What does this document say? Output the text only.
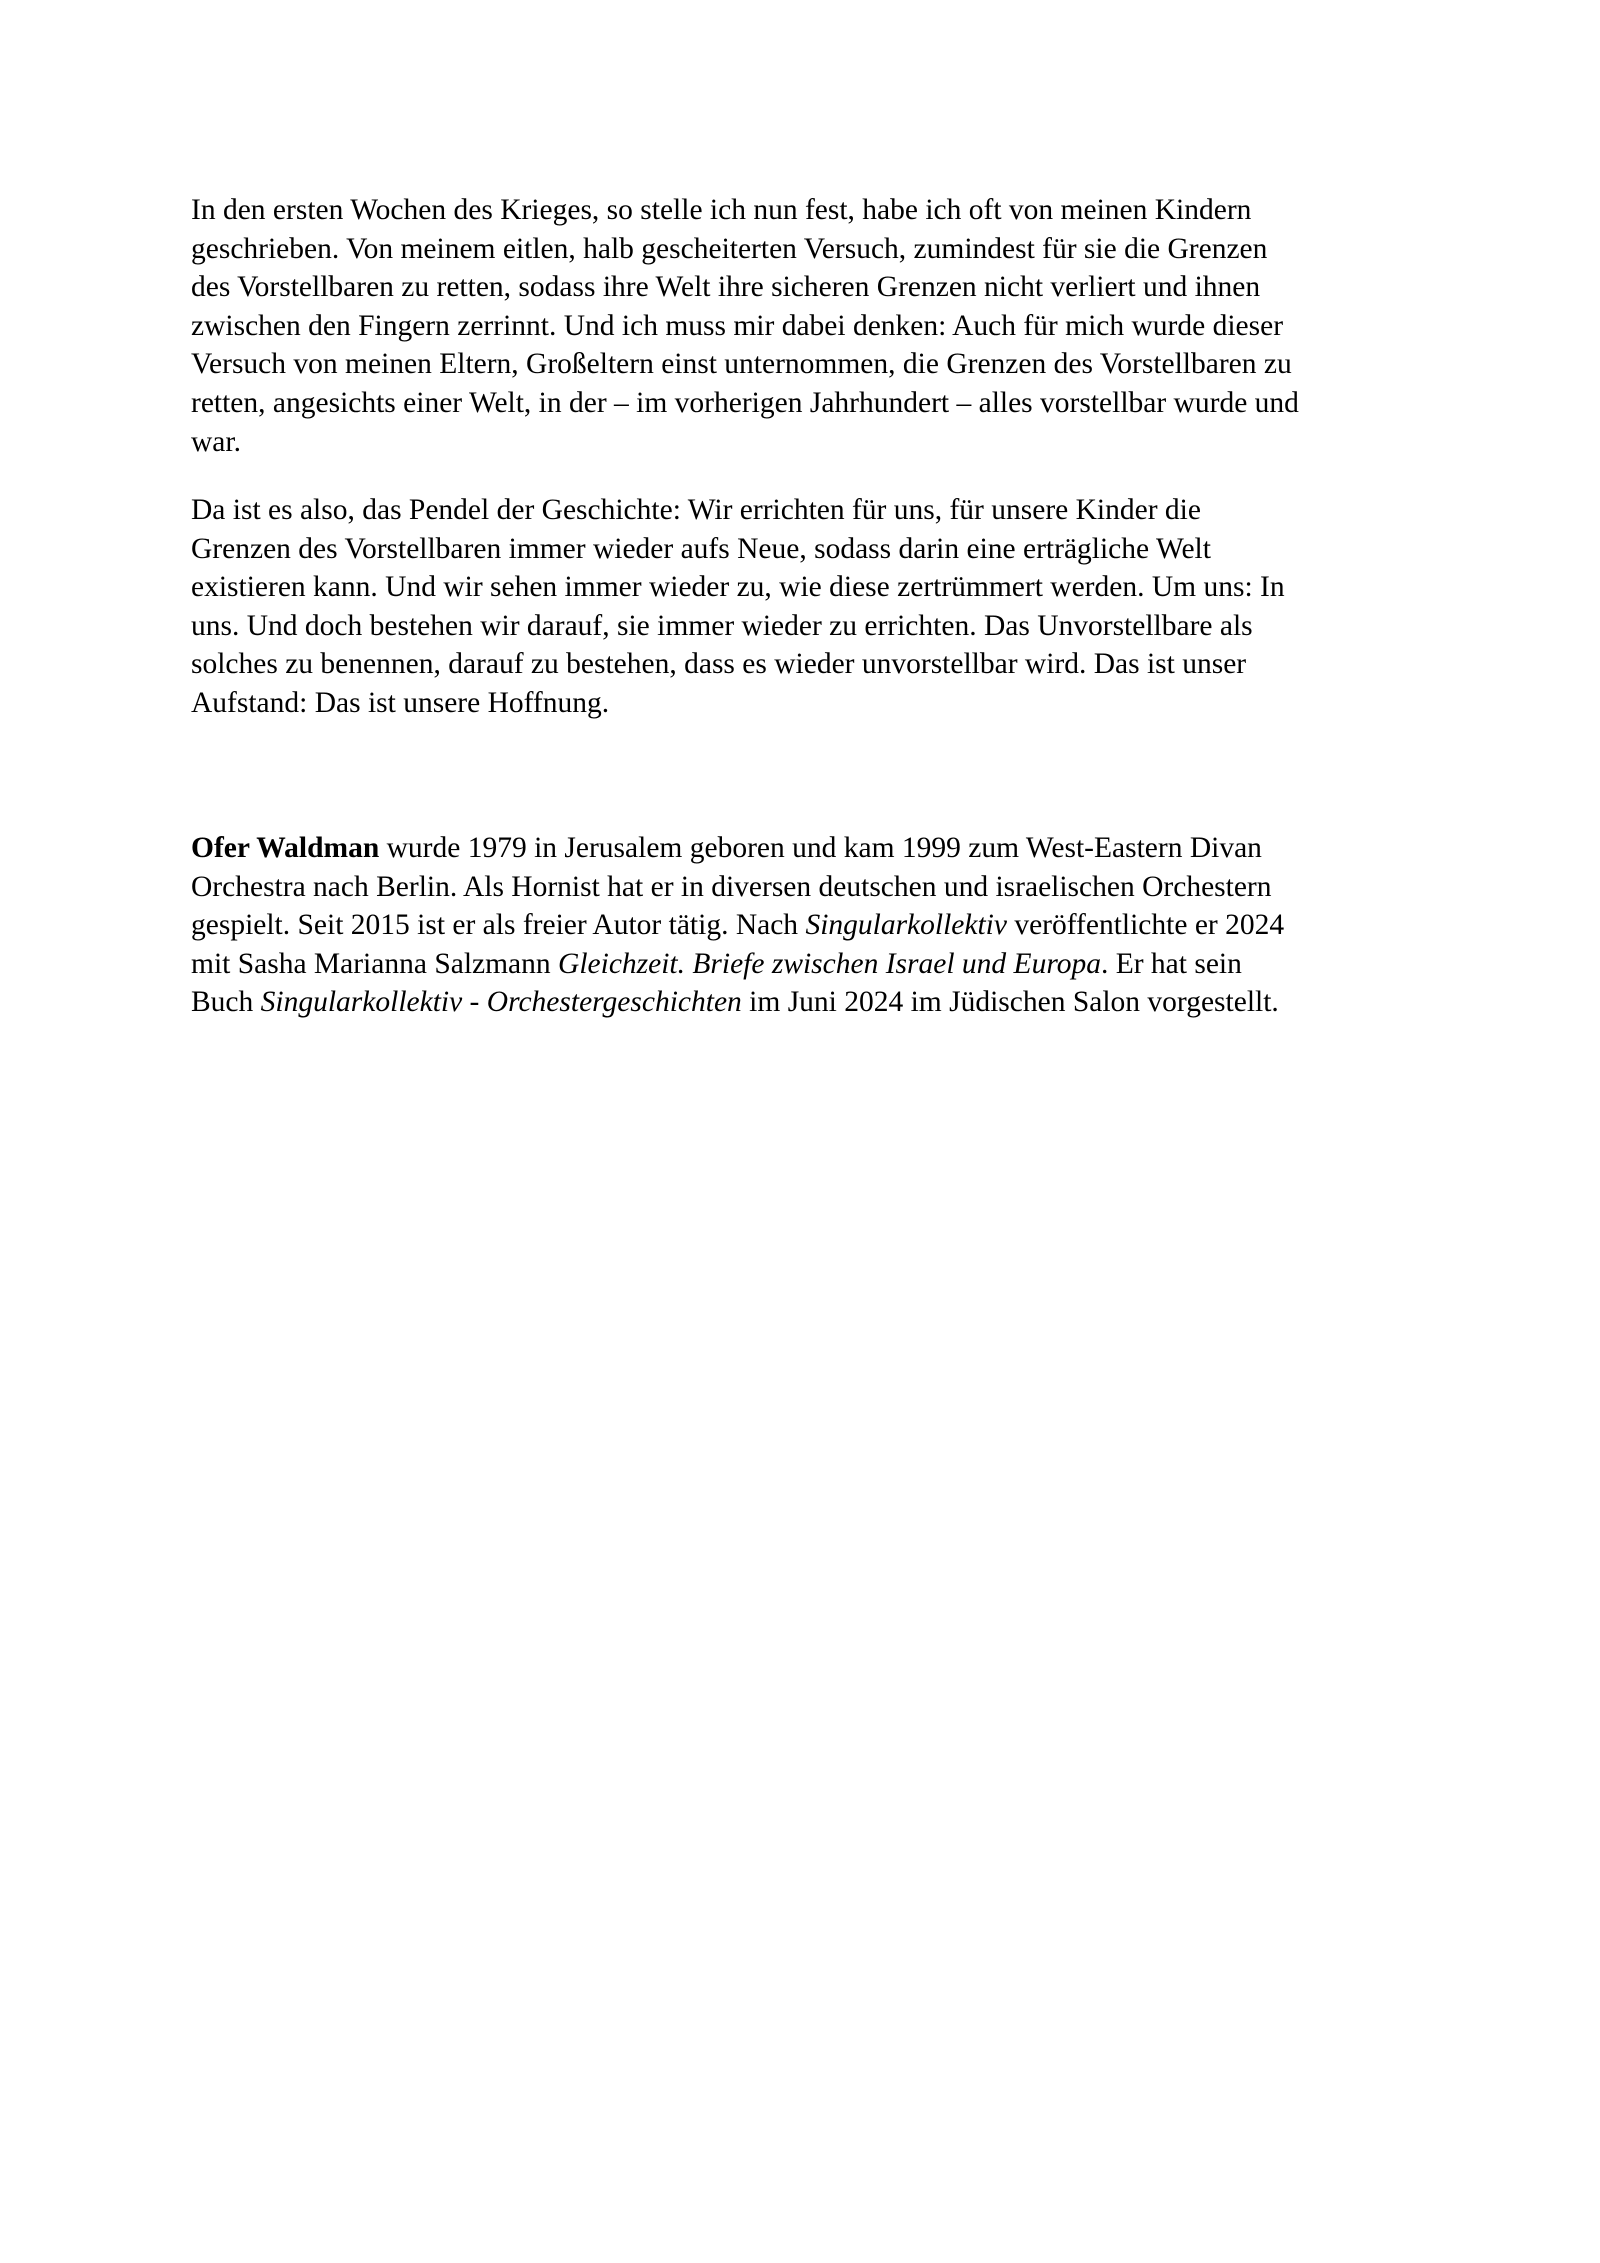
In den ersten Wochen des Krieges, so stelle ich nun fest, habe ich oft von meinen Kindern
geschrieben. Von meinem eitlen, halb gescheiterten Versuch, zumindest für sie die Grenzen
des Vorstellbaren zu retten, sodass ihre Welt ihre sicheren Grenzen nicht verliert und ihnen
zwischen den Fingern zerrinnt. Und ich muss mir dabei denken: Auch für mich wurde dieser
Versuch von meinen Eltern, Großeltern einst unternommen, die Grenzen des Vorstellbaren zu
retten, angesichts einer Welt, in der – im vorherigen Jahrhundert – alles vorstellbar wurde und
war.

Da ist es also, das Pendel der Geschichte: Wir errichten für uns, für unsere Kinder die
Grenzen des Vorstellbaren immer wieder aufs Neue, sodass darin eine erträgliche Welt
existieren kann. Und wir sehen immer wieder zu, wie diese zertrümmert werden. Um uns: In
uns. Und doch bestehen wir darauf, sie immer wieder zu errichten. Das Unvorstellbare als
solches zu benennen, darauf zu bestehen, dass es wieder unvorstellbar wird. Das ist unser
Aufstand: Das ist unsere Hoffnung.

Ofer Waldman wurde 1979 in Jerusalem geboren und kam 1999 zum West-Eastern Divan
Orchestra nach Berlin. Als Hornist hat er in diversen deutschen und israelischen Orchestern
gespielt. Seit 2015 ist er als freier Autor tätig. Nach Singularkollektiv veröffentlichte er 2024
mit Sasha Marianna Salzmann Gleichzeit. Briefe zwischen Israel und Europa. Er hat sein
Buch Singularkollektiv - Orchestergeschichten im Juni 2024 im Jüdischen Salon vorgestellt.
